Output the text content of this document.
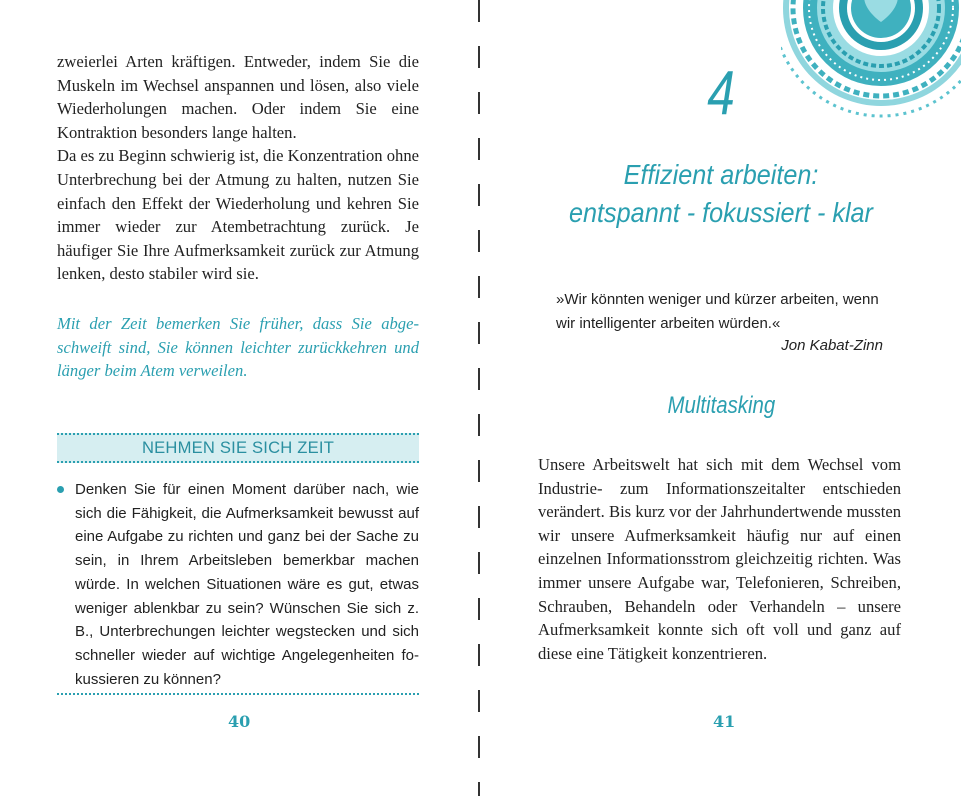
zweierlei Arten kräftigen. Entweder, indem Sie die Muskeln im Wechsel anspannen und lösen, also viele Wiederholungen machen. Oder indem Sie eine Kontraktion besonders lange halten.

Da es zu Beginn schwierig ist, die Konzentration ohne Unterbrechung bei der Atmung zu halten, nutzen Sie einfach den Effekt der Wiederholung und kehren Sie immer wieder zur Atembetrachtung zurück. Je häufiger Sie Ihre Aufmerksamkeit zurück zur Atmung lenken, desto stabiler wird sie.

Mit der Zeit bemerken Sie früher, dass Sie abgeschweift sind, Sie können leichter zurückkehren und länger beim Atem verweilen.

NEHMEN SIE SICH ZEIT

Denken Sie für einen Moment darüber nach, wie sich die Fähigkeit, die Aufmerksamkeit bewusst auf eine Aufgabe zu richten und ganz bei der Sache zu sein, in Ihrem Arbeitsleben bemerkbar machen würde. In welchen Situationen wäre es gut, etwas weniger ablenkbar zu sein? Wünschen Sie sich z. B., Unterbrechungen leichter wegstecken und sich schneller wieder auf wichtige Angelegenheiten fokussieren zu können?

40
4
Effizient arbeiten:
entspannt - fokussiert - klar
»Wir könnten weniger und kürzer arbeiten, wenn wir intelligenter arbeiten würden.«
Jon Kabat-Zinn
Multitasking

Unsere Arbeitswelt hat sich mit dem Wechsel vom Industrie- zum Informationszeitalter entschieden verändert. Bis kurz vor der Jahrhundertwende mussten wir unsere Aufmerksamkeit häufig nur auf einen einzelnen Informationsstrom gleichzeitig richten. Was immer unsere Aufgabe war, Telefonieren, Schreiben, Schrauben, Behandeln oder Verhandeln – unsere Aufmerksamkeit konnte sich oft voll und ganz auf diese eine Tätigkeit konzentrieren.

41
